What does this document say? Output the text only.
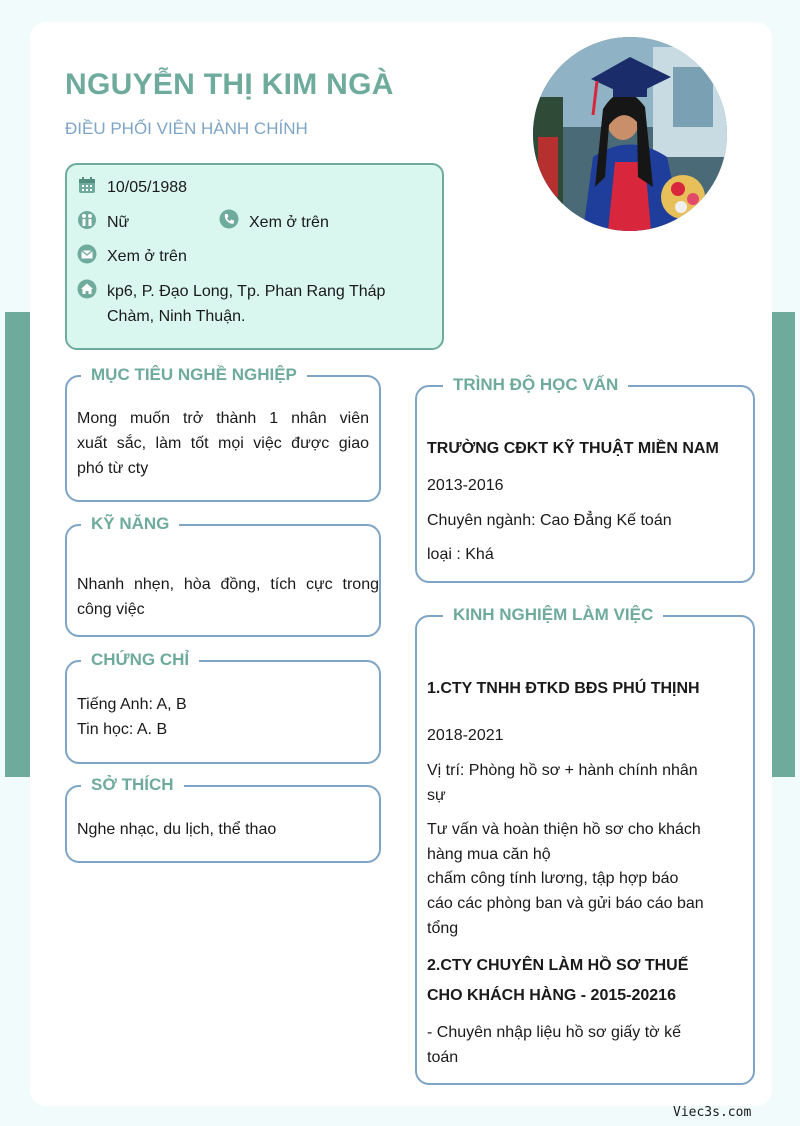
NGUYỄN THỊ KIM NGÀ
ĐIỀU PHỐI VIÊN HÀNH CHÍNH
10/05/1988
Nữ	Xem ở trên
Xem ở trên
kp6, P. Đạo Long, Tp. Phan Rang Tháp
Chàm, Ninh Thuận.
MỤC TIÊU NGHỀ NGHIỆP
Mong muốn trở thành 1 nhân viên
xuất sắc, làm tốt mọi việc được giao
phó từ cty
KỸ NĂNG
Nhanh nhẹn, hòa đồng, tích cực trong
công việc
CHỨNG CHỈ
Tiếng Anh: A, B
Tin học: A. B
SỞ THÍCH
Nghe nhạc, du lịch, thể thao
TRÌNH ĐỘ HỌC VẤN
TRƯỜNG CĐKT KỸ THUẬT MIỀN NAM
2013-2016
Chuyên ngành: Cao Đẳng Kế toán
loại : Khá
KINH NGHIỆM LÀM VIỆC
1.CTY TNHH ĐTKD BĐS PHÚ THỊNH
2018-2021
Vị trí: Phòng hồ sơ + hành chính nhân
sự
Tư vấn và hoàn thiện hồ sơ cho khách
hàng mua căn hộ
chấm công tính lương, tập hợp báo
cáo các phòng ban và gửi báo cáo ban
tổng
2.CTY CHUYÊN LÀM HỒ SƠ THUẾ
CHO KHÁCH HÀNG - 2015-20216
- Chuyên nhập liệu hồ sơ giấy tờ kế
toán
Viec3s.com
